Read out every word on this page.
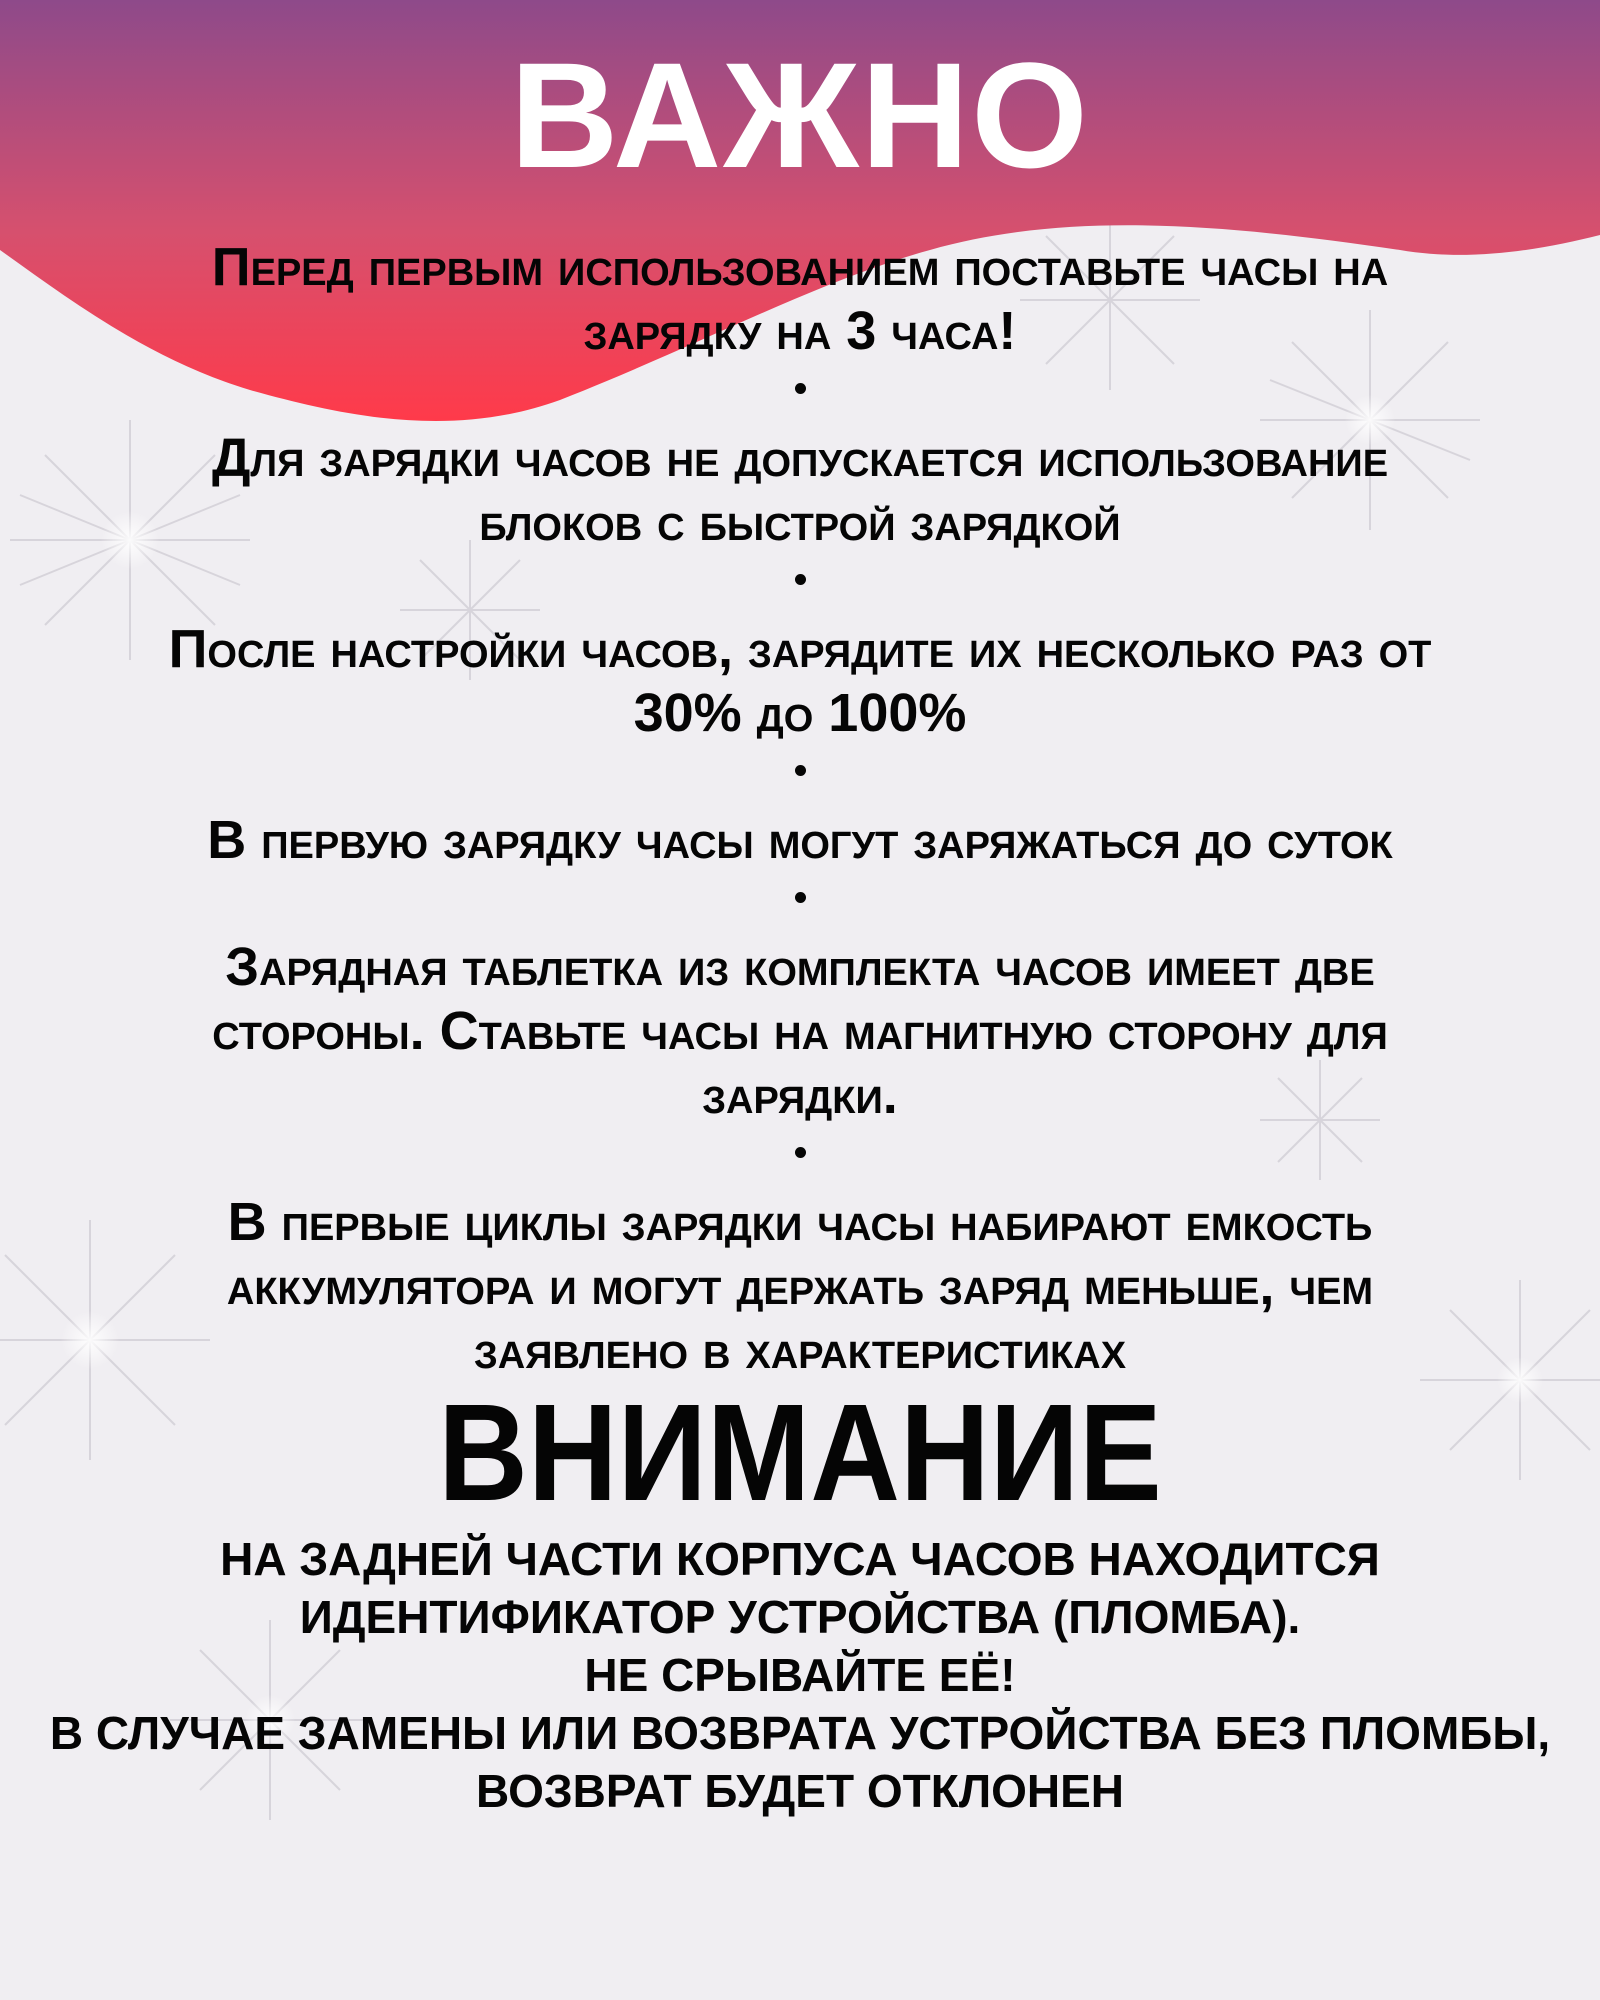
ВАЖНО

Перед первым использованием поставьте часы на

зарядку на 3 часа!

Для зарядки часов не допускается использование

блоков с быстрой зарядкой

После настройки часов, зарядите их несколько раз от

30% до 100%

В первую зарядку часы могут заряжаться до суток

Зарядная таблетка из комплекта часов имеет две

стороны. Ставьте часы на магнитную сторону для

зарядки.

В первые циклы зарядки часы набирают емкость

аккумулятора и могут держать заряд меньше, чем

заявлено в характеристиках

ВНИМАНИЕ

НА ЗАДНЕЙ ЧАСТИ КОРПУСА ЧАСОВ НАХОДИТСЯ

ИДЕНТИФИКАТОР УСТРОЙСТВА (ПЛОМБА).

НЕ СРЫВАЙТЕ ЕЁ!

В СЛУЧАЕ ЗАМЕНЫ ИЛИ ВОЗВРАТА УСТРОЙСТВА БЕЗ ПЛОМБЫ,

ВОЗВРАТ БУДЕТ ОТКЛОНЕН
